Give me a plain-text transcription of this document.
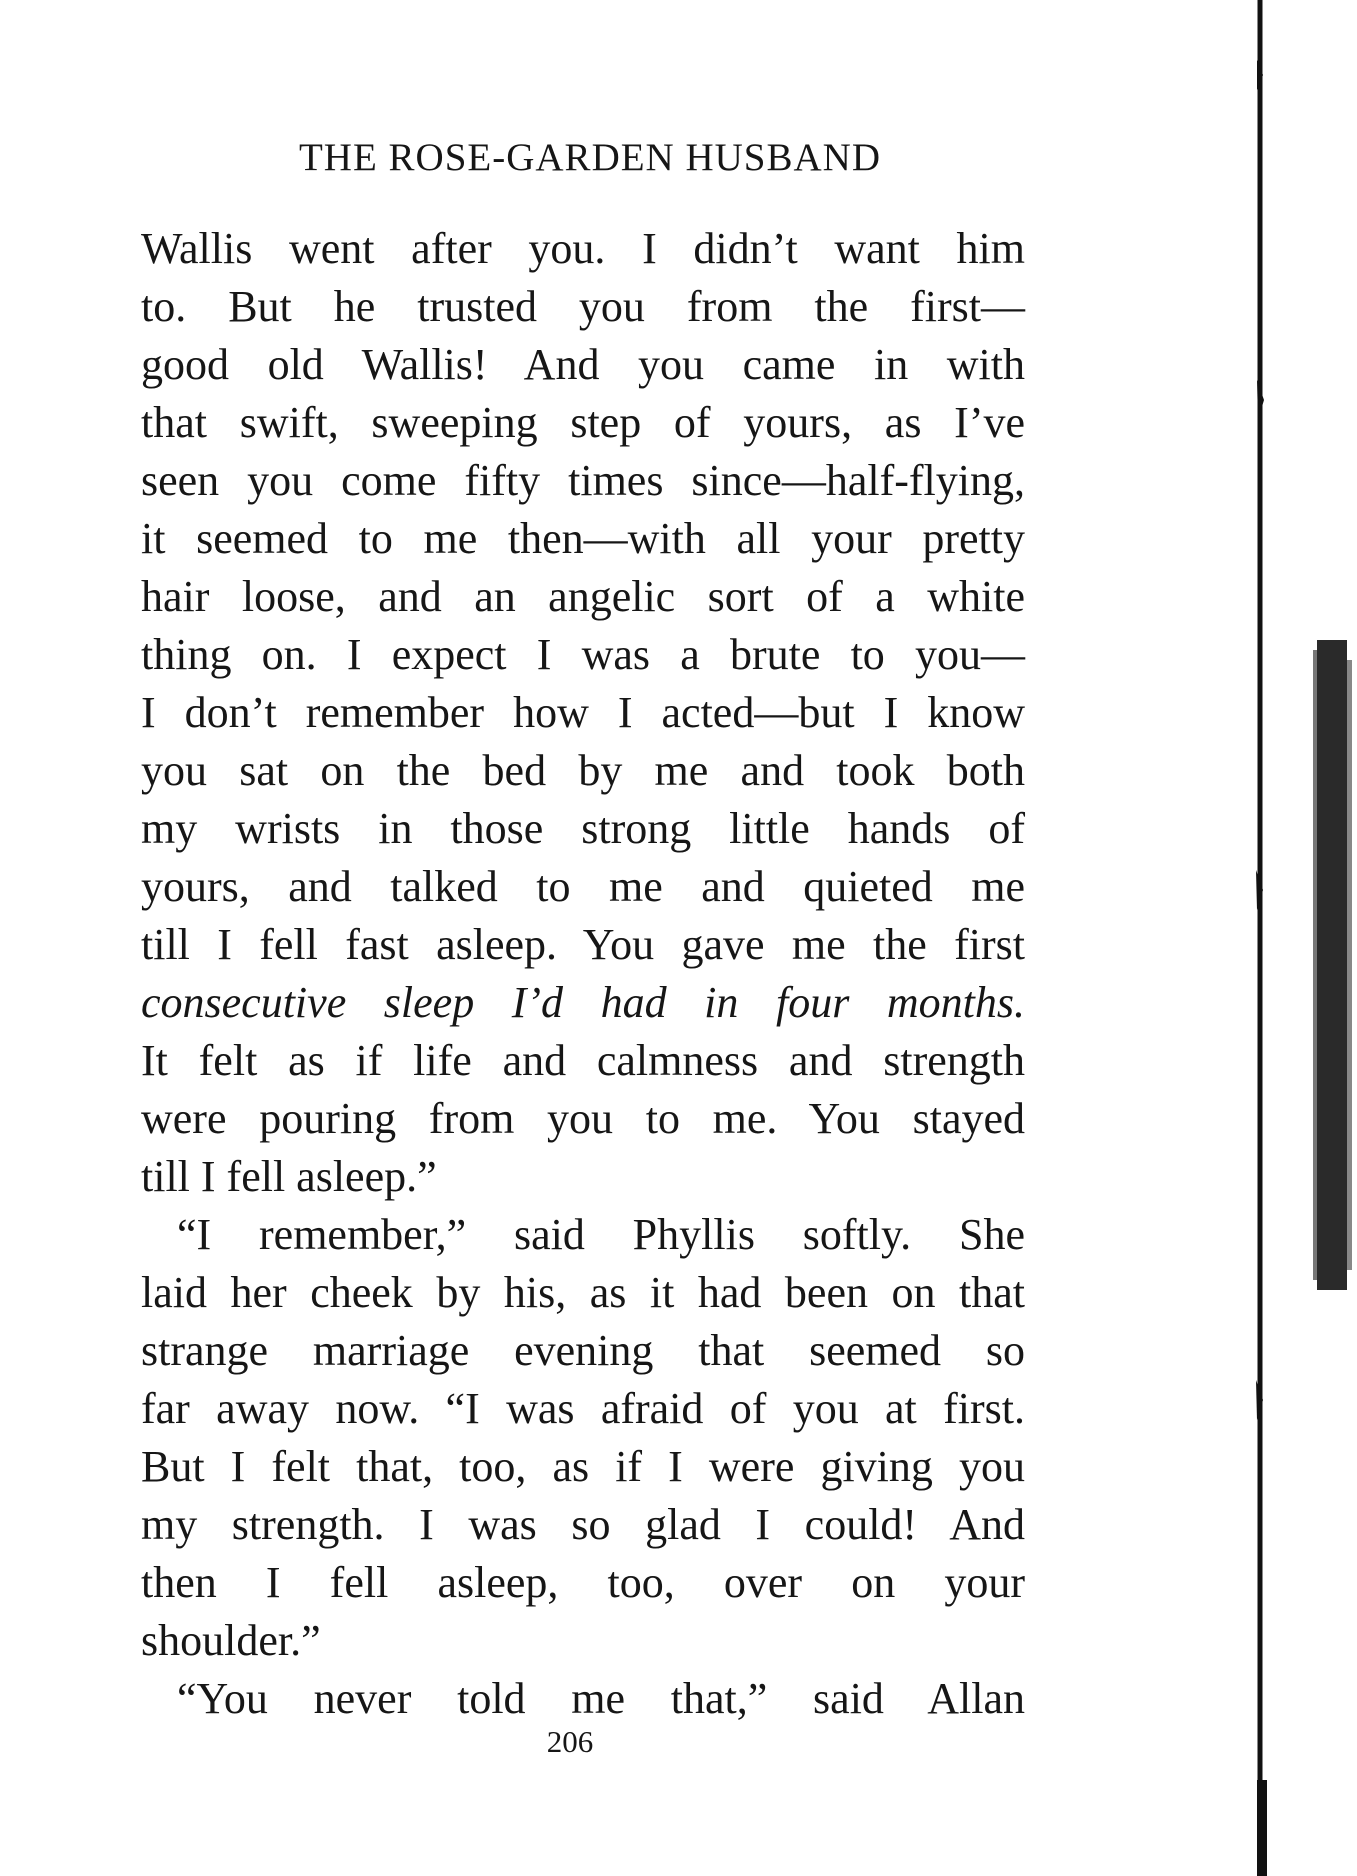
THE ROSE-GARDEN HUSBAND
Wallis went after you. I didn’t want him
to. But he trusted you from the first—
good old Wallis! And you came in with
that swift, sweeping step of yours, as I’ve
seen you come fifty times since—half-flying,
it seemed to me then—with all your pretty
hair loose, and an angelic sort of a white
thing on. I expect I was a brute to you—
I don’t remember how I acted—but I know
you sat on the bed by me and took both
my wrists in those strong little hands of
yours, and talked to me and quieted me
till I fell fast asleep. You gave me the first
consecutive sleep I’d had in four months.
It felt as if life and calmness and strength
were pouring from you to me. You stayed
till I fell asleep.”
“I remember,” said Phyllis softly. She
laid her cheek by his, as it had been on that
strange marriage evening that seemed so
far away now. “I was afraid of you at first.
But I felt that, too, as if I were giving you
my strength. I was so glad I could! And
then I fell asleep, too, over on your
shoulder.”
“You never told me that,” said Allan
206
